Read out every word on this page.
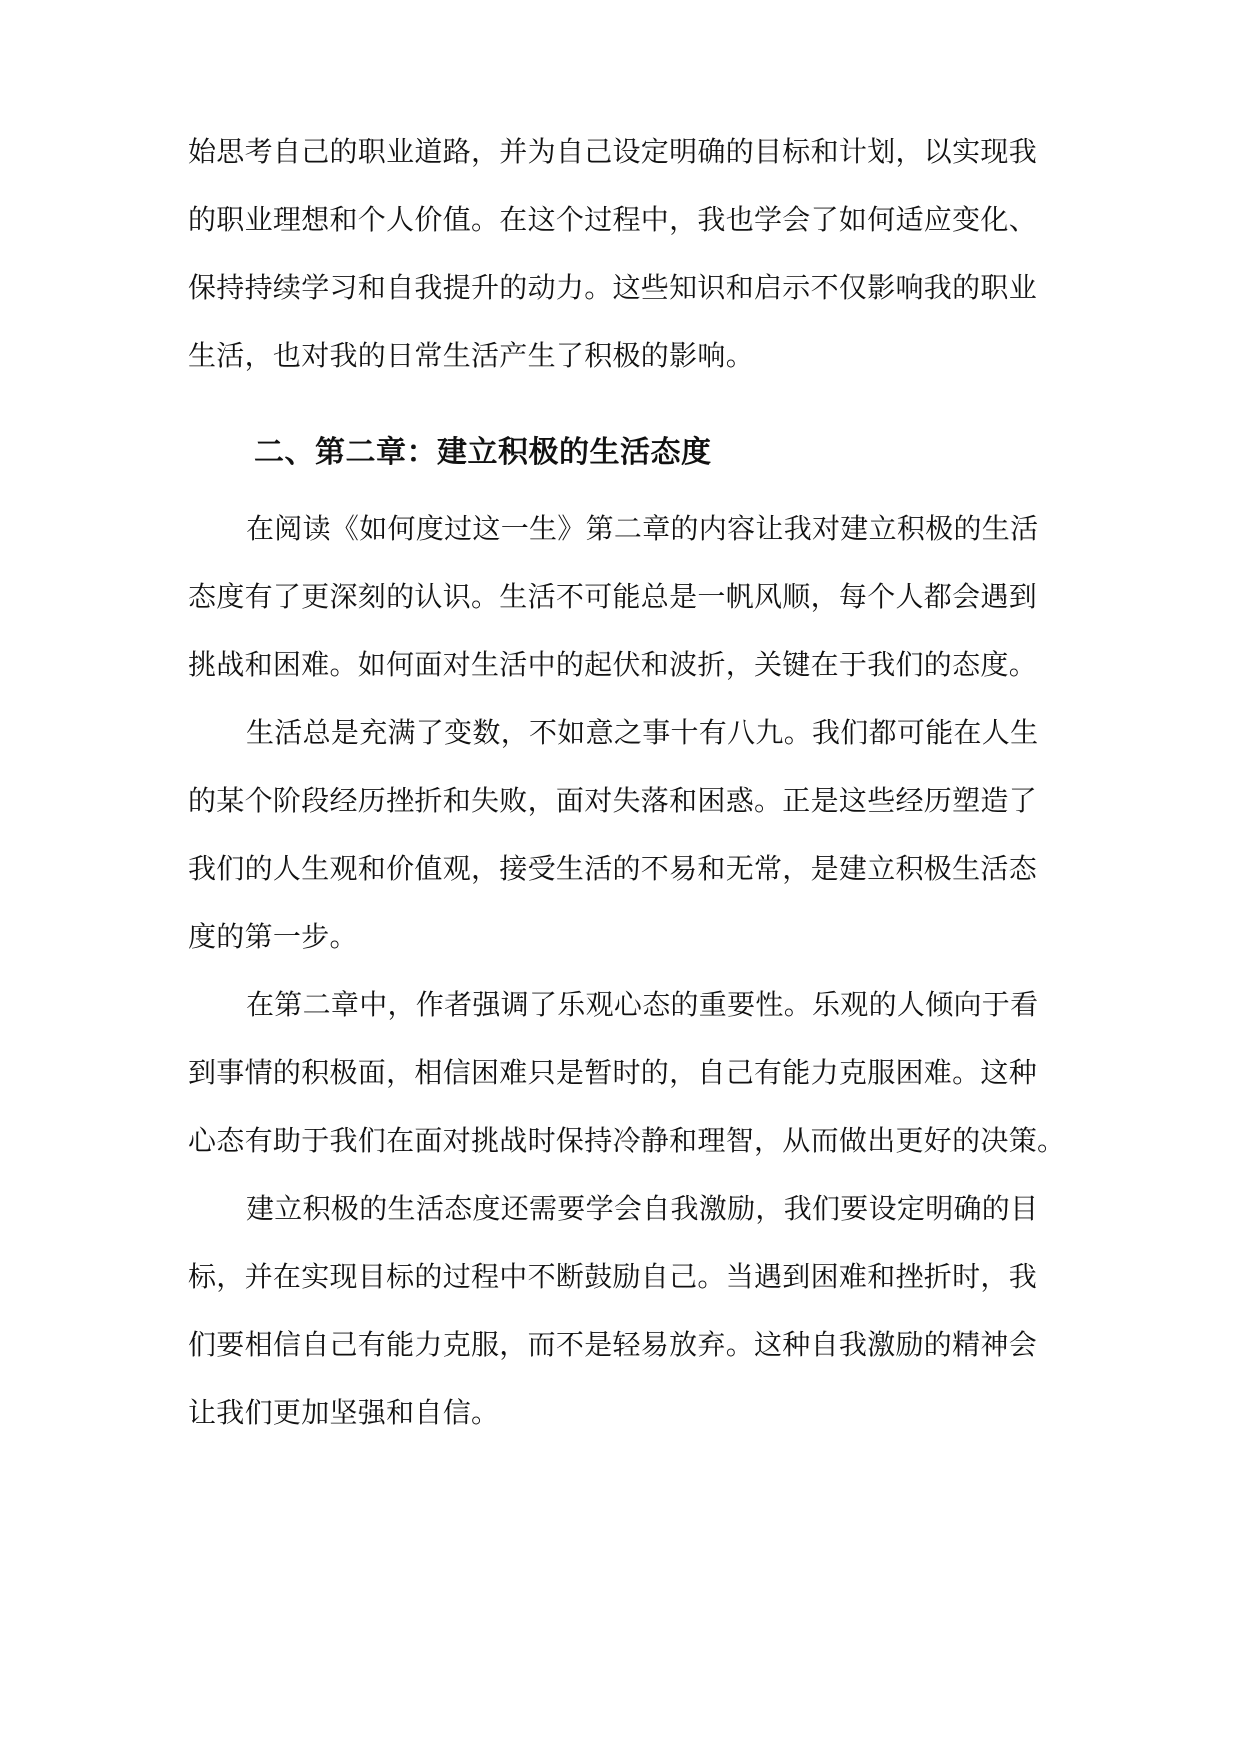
始思考自己的职业道路，并为自己设定明确的目标和计划，以实现我
的职业理想和个人价值。在这个过程中，我也学会了如何适应变化、
保持持续学习和自我提升的动力。这些知识和启示不仅影响我的职业
生活，也对我的日常生活产生了积极的影响。
二、第二章：建立积极的生活态度
在阅读《如何度过这一生》第二章的内容让我对建立积极的生活
态度有了更深刻的认识。生活不可能总是一帆风顺，每个人都会遇到
挑战和困难。如何面对生活中的起伏和波折，关键在于我们的态度。
生活总是充满了变数，不如意之事十有八九。我们都可能在人生
的某个阶段经历挫折和失败，面对失落和困惑。正是这些经历塑造了
我们的人生观和价值观，接受生活的不易和无常，是建立积极生活态
度的第一步。
在第二章中，作者强调了乐观心态的重要性。乐观的人倾向于看
到事情的积极面，相信困难只是暂时的，自己有能力克服困难。这种
心态有助于我们在面对挑战时保持冷静和理智，从而做出更好的决策。
建立积极的生活态度还需要学会自我激励，我们要设定明确的目
标，并在实现目标的过程中不断鼓励自己。当遇到困难和挫折时，我
们要相信自己有能力克服，而不是轻易放弃。这种自我激励的精神会
让我们更加坚强和自信。
